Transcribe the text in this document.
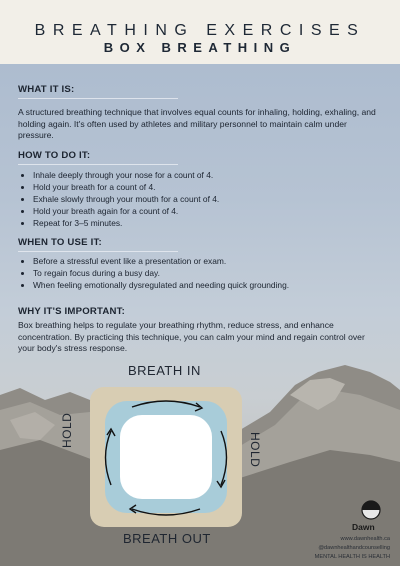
BREATHING EXERCISES
BOX BREATHING
WHAT IT IS:

A structured breathing technique that involves equal counts for inhaling, holding, exhaling, and holding again. It's often used by athletes and military personnel to maintain calm under pressure.

HOW TO DO IT:
• Inhale deeply through your nose for a count of 4.
• Hold your breath for a count of 4.
• Exhale slowly through your mouth for a count of 4.
• Hold your breath again for a count of 4.
• Repeat for 3–5 minutes.
WHEN TO USE IT:
• Before a stressful event like a presentation or exam.
• To regain focus during a busy day.
• When feeling emotionally dysregulated and needing quick grounding.
WHY IT'S IMPORTANT:

Box breathing helps to regulate your breathing rhythm, reduce stress, and enhance concentration. By practicing this technique, you can calm your mind and regain control over your body's stress response.

BREATH IN
BREATH OUT
HOLD
HOLD
Dawn
www.dawnhealth.ca
@dawnhealthandcounselling
MENTAL HEALTH IS HEALTH
